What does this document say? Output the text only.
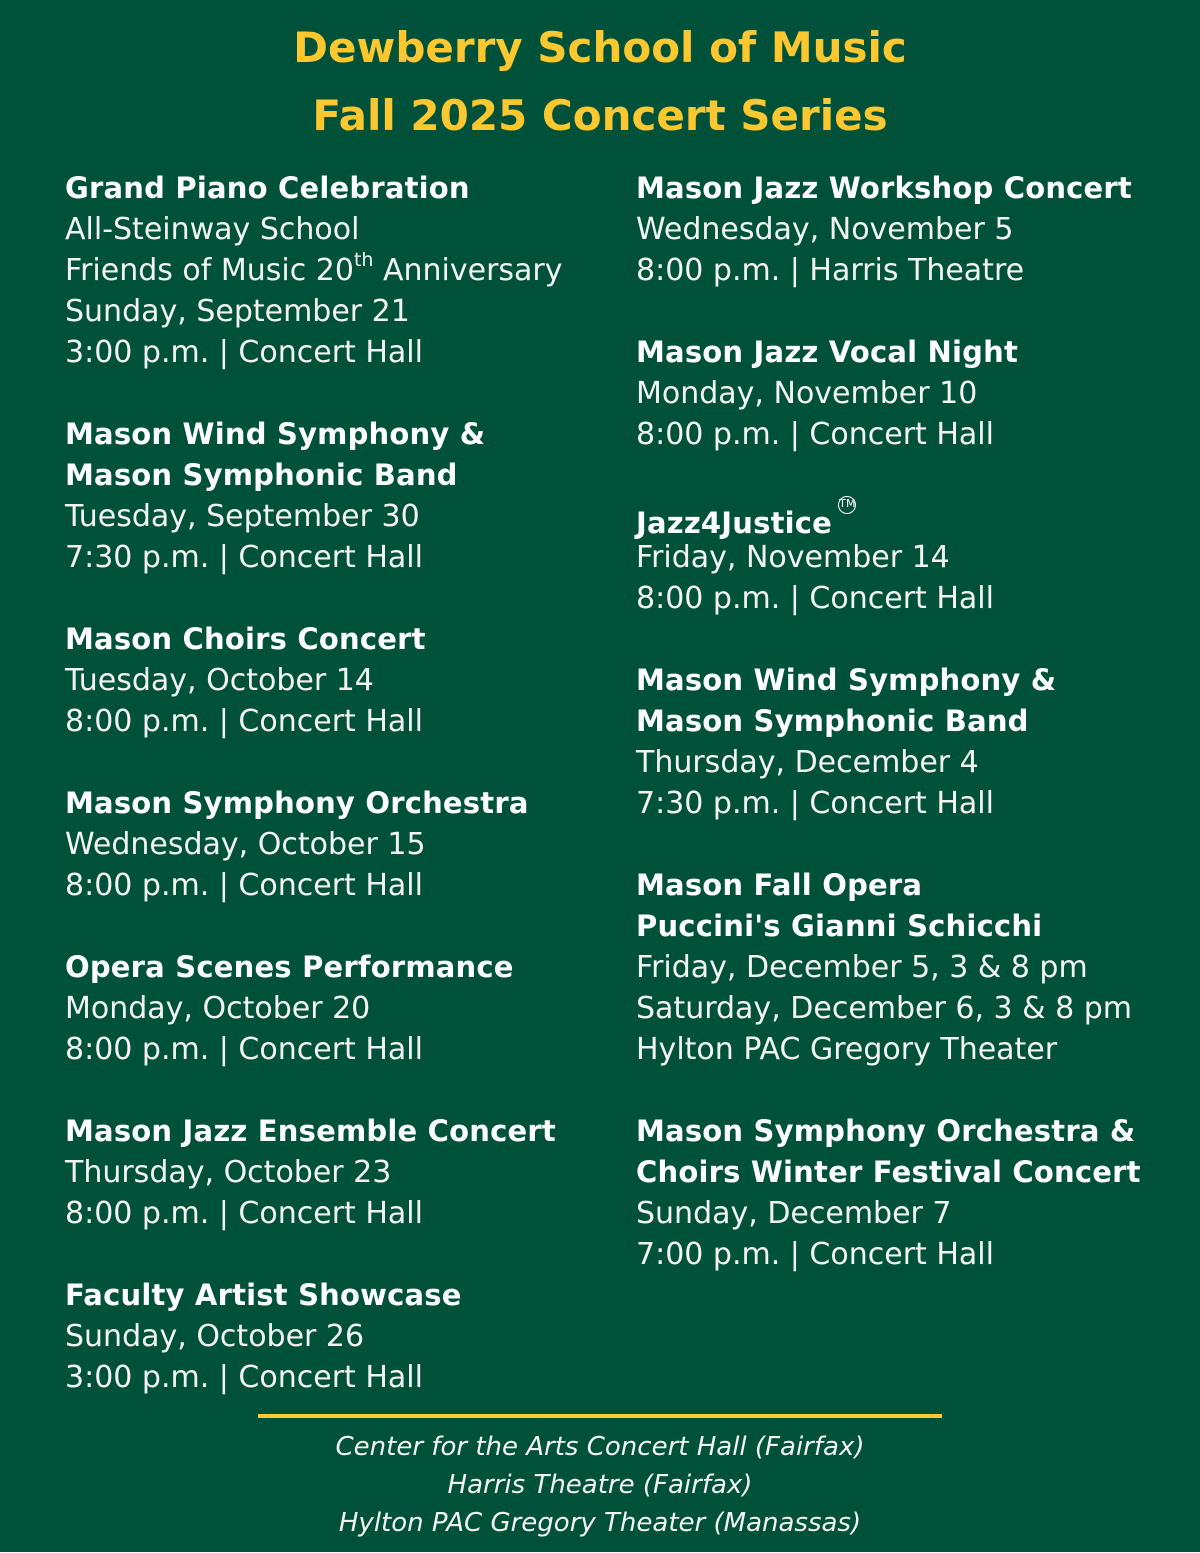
Dewberry School of Music
Fall 2025 Concert Series
Grand Piano Celebration
All-Steinway School
Friends of Music 20th Anniversary
Sunday, September 21
3:00 p.m. | Concert Hall
Mason Wind Symphony &
Mason Symphonic Band
Tuesday, September 30
7:30 p.m. | Concert Hall
Mason Choirs Concert
Tuesday, October 14
8:00 p.m. | Concert Hall
Mason Symphony Orchestra
Wednesday, October 15
8:00 p.m. | Concert Hall
Opera Scenes Performance
Monday, October 20
8:00 p.m. | Concert Hall
Mason Jazz Ensemble Concert
Thursday, October 23
8:00 p.m. | Concert Hall
Faculty Artist Showcase
Sunday, October 26
3:00 p.m. | Concert Hall
Mason Jazz Workshop Concert
Wednesday, November 5
8:00 p.m. | Harris Theatre
Mason Jazz Vocal Night
Monday, November 10
8:00 p.m. | Concert Hall
Jazz4JusticeTM
Friday, November 14
8:00 p.m. | Concert Hall
Mason Wind Symphony &
Mason Symphonic Band
Thursday, December 4
7:30 p.m. | Concert Hall
Mason Fall Opera
Puccini's Gianni Schicchi
Friday, December 5, 3 & 8 pm
Saturday, December 6, 3 & 8 pm
Hylton PAC Gregory Theater
Mason Symphony Orchestra &
Choirs Winter Festival Concert
Sunday, December 7
7:00 p.m. | Concert Hall
Center for the Arts Concert Hall (Fairfax)
Harris Theatre (Fairfax)
Hylton PAC Gregory Theater (Manassas)
